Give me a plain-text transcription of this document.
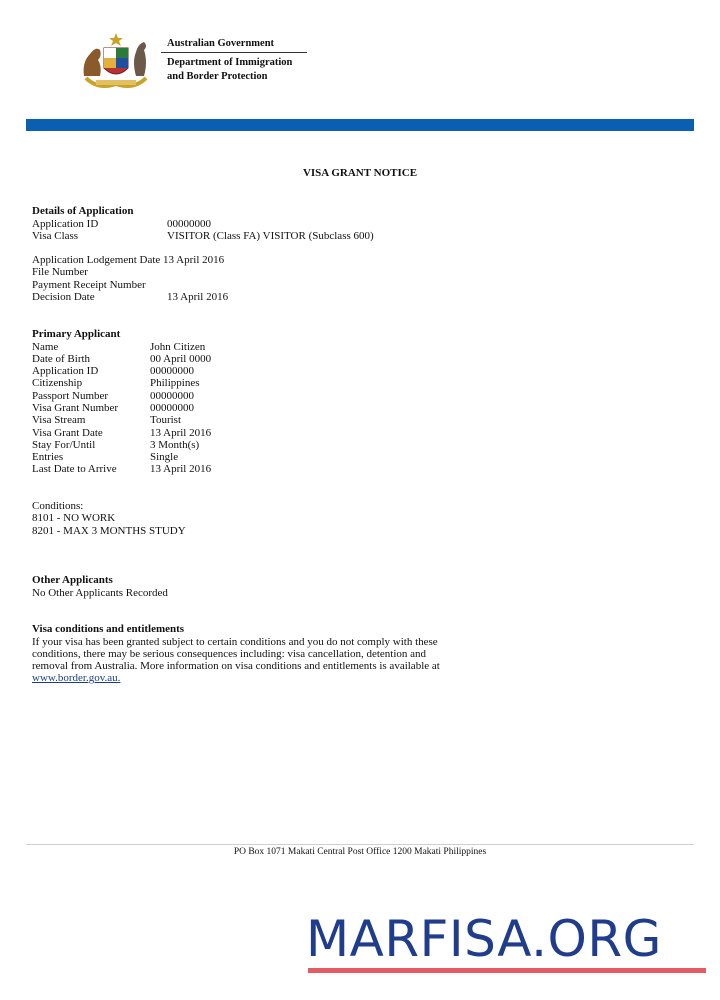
Australian Government
Department of Immigration
and Border Protection
VISA GRANT NOTICE
Details of Application
Application ID	00000000
Visa Class	VISITOR (Class FA) VISITOR (Subclass 600)
Application Lodgement Date 13 April 2016
File Number
Payment Receipt Number
Decision Date	13 April 2016
Primary Applicant
Name	John Citizen
Date of Birth	00 April 0000
Application ID	00000000
Citizenship	Philippines
Passport Number	00000000
Visa Grant Number	00000000
Visa Stream	Tourist
Visa Grant Date	13 April 2016
Stay For/Until	3 Month(s)
Entries	Single
Last Date to Arrive	13 April 2016
Conditions:
8101 - NO WORK
8201 - MAX 3 MONTHS STUDY
Other Applicants
No Other Applicants Recorded
Visa conditions and entitlements
If your visa has been granted subject to certain conditions and you do not comply with these conditions, there may be serious consequences including: visa cancellation, detention and removal from Australia. More information on visa conditions and entitlements is available at
www.border.gov.au.
PO Box 1071 Makati Central Post Office 1200 Makati Philippines
MARFISA.ORG
